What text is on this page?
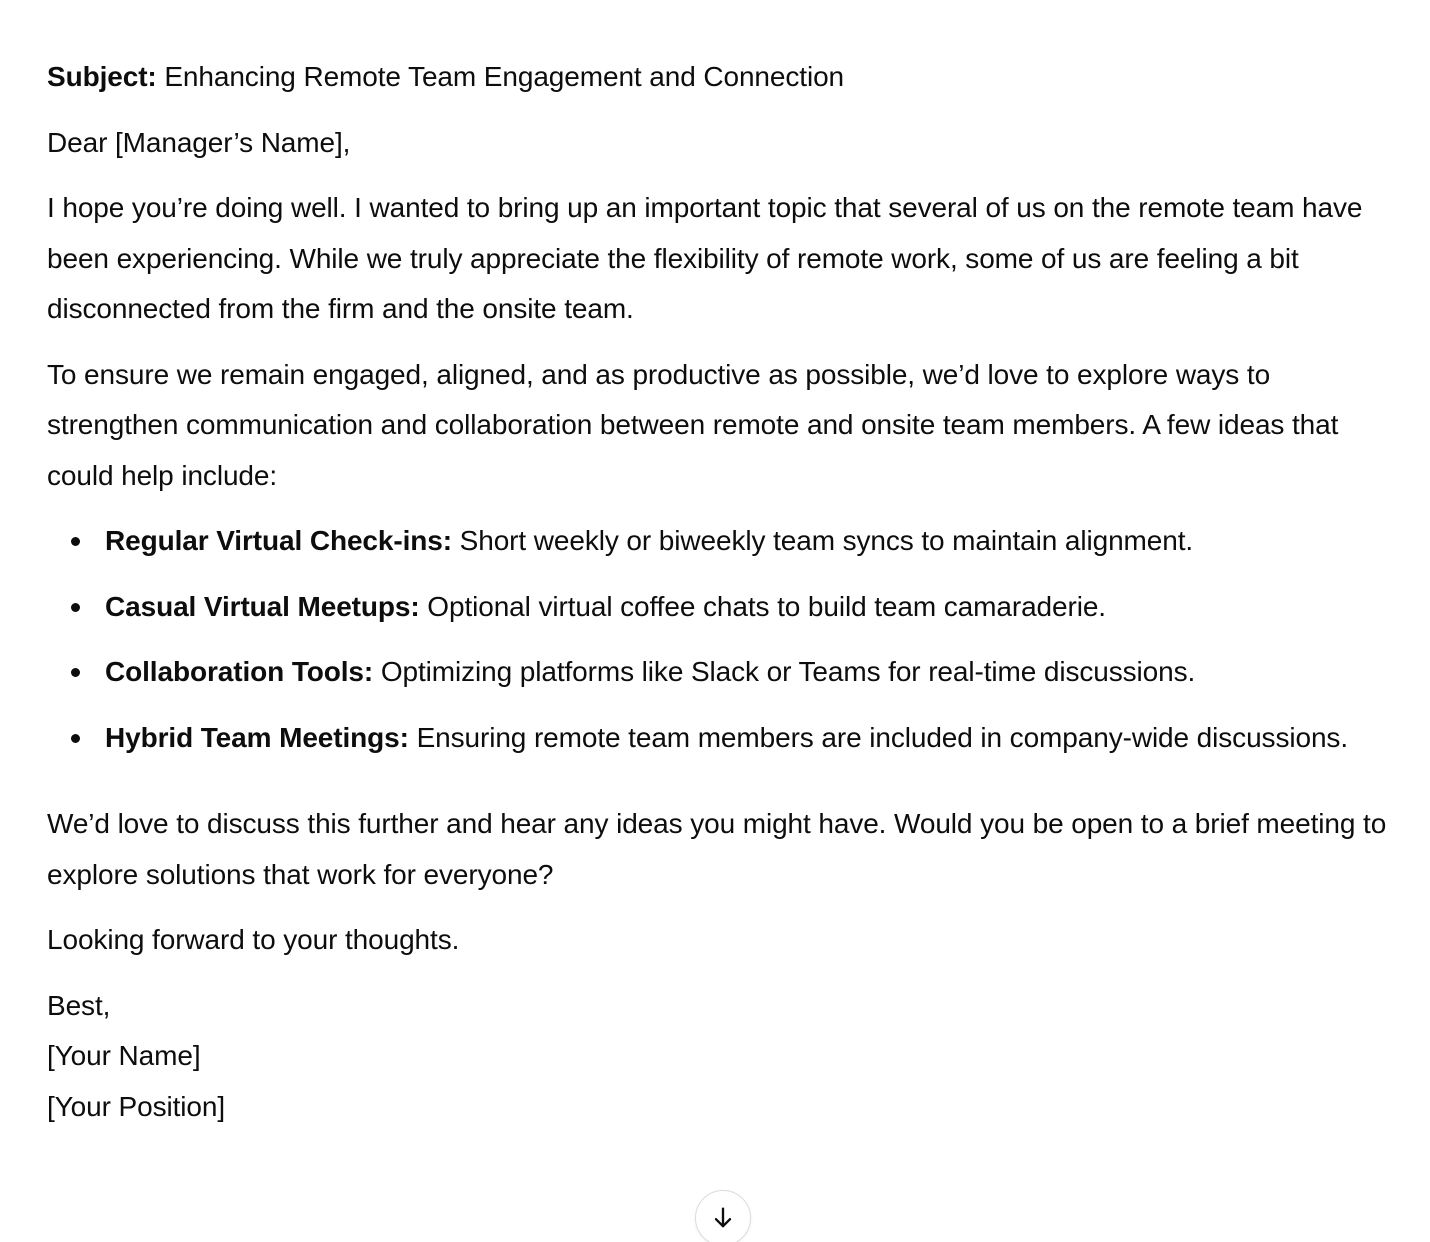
Subject: Enhancing Remote Team Engagement and Connection

Dear [Manager’s Name],

I hope you’re doing well. I wanted to bring up an important topic that several of us on the remote team have been experiencing. While we truly appreciate the flexibility of remote work, some of us are feeling a bit disconnected from the firm and the onsite team.

To ensure we remain engaged, aligned, and as productive as possible, we’d love to explore ways to strengthen communication and collaboration between remote and onsite team members. A few ideas that could help include:

Regular Virtual Check-ins: Short weekly or biweekly team syncs to maintain alignment.
Casual Virtual Meetups: Optional virtual coffee chats to build team camaraderie.
Collaboration Tools: Optimizing platforms like Slack or Teams for real-time discussions.
Hybrid Team Meetings: Ensuring remote team members are included in company-wide discussions.

We’d love to discuss this further and hear any ideas you might have. Would you be open to a brief meeting to explore solutions that work for everyone?

Looking forward to your thoughts.

Best,
[Your Name]
[Your Position]
